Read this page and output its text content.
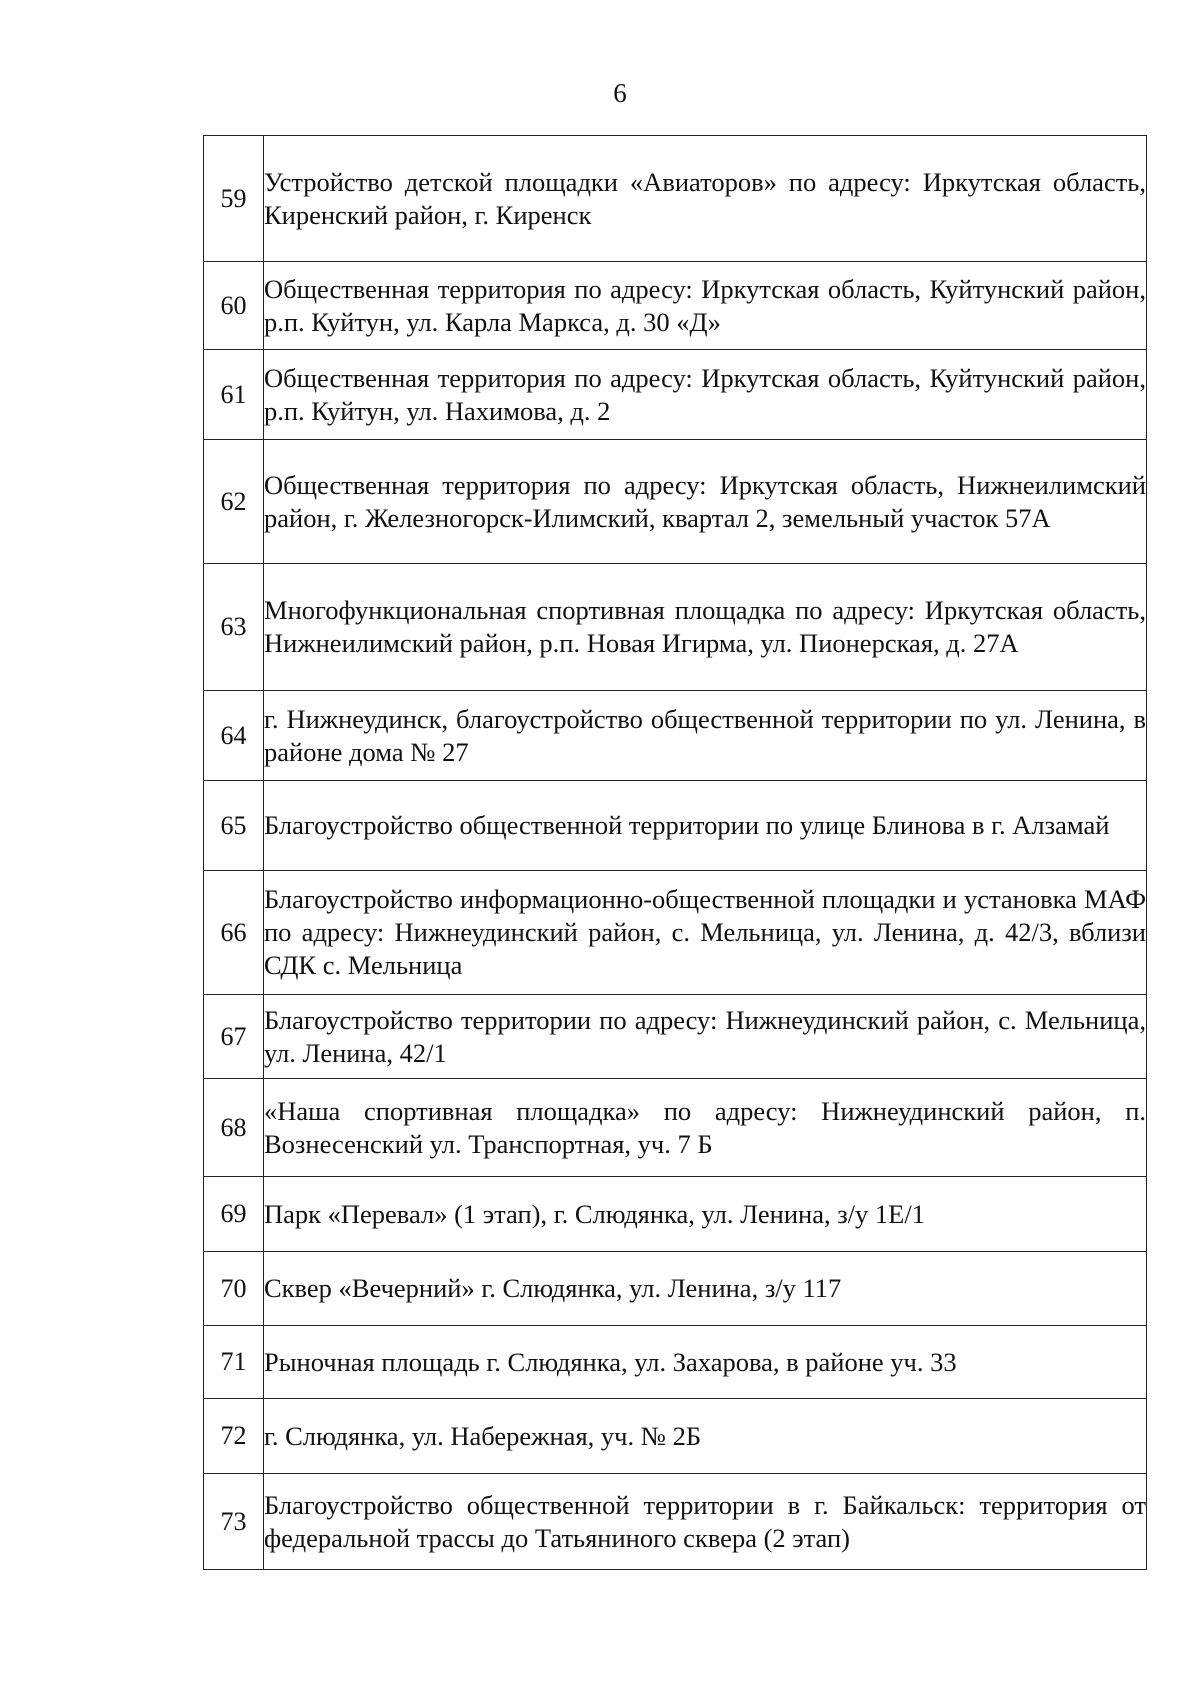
6
59	Устройство детской площадки «Авиаторов» по адресу: Иркутская область, Киренский район, г. Киренск

60	Общественная территория по адресу: Иркутская область, Куйтунский район, р.п. Куйтун, ул. Карла Маркса, д. 30 «Д»

61	Общественная территория по адресу: Иркутская область, Куйтунский район, р.п. Куйтун, ул. Нахимова, д. 2

62	Общественная территория по адресу: Иркутская область, Нижнеилимский район, г. Железногорск-Илимский, квартал 2, земельный участок 57А

63	Многофункциональная спортивная площадка по адресу: Иркутская область, Нижнеилимский район, р.п. Новая Игирма, ул. Пионерская, д. 27А

64	г. Нижнеудинск, благоустройство общественной территории по ул. Ленина, в районе дома № 27

65	Благоустройство общественной территории по улице Блинова в г. Алзамай

66	Благоустройство информационно-общественной площадки и установка МАФ по адресу: Нижнеудинский район, с. Мельница, ул. Ленина, д. 42/3, вблизи СДК с. Мельница

67	Благоустройство территории по адресу: Нижнеудинский район, с. Мельница, ул. Ленина, 42/1

68	«Наша спортивная площадка» по адресу: Нижнеудинский район, п. Вознесенский ул. Транспортная, уч. 7 Б

69	Парк «Перевал» (1 этап), г. Слюдянка, ул. Ленина, з/у 1Е/1

70	Сквер «Вечерний» г. Слюдянка, ул. Ленина, з/у 117

71	Рыночная площадь г. Слюдянка, ул. Захарова, в районе уч. 33

72	г. Слюдянка, ул. Набережная, уч. № 2Б

73	Благоустройство общественной территории в г. Байкальск: территория от федеральной трассы до Татьяниного сквера (2 этап)
